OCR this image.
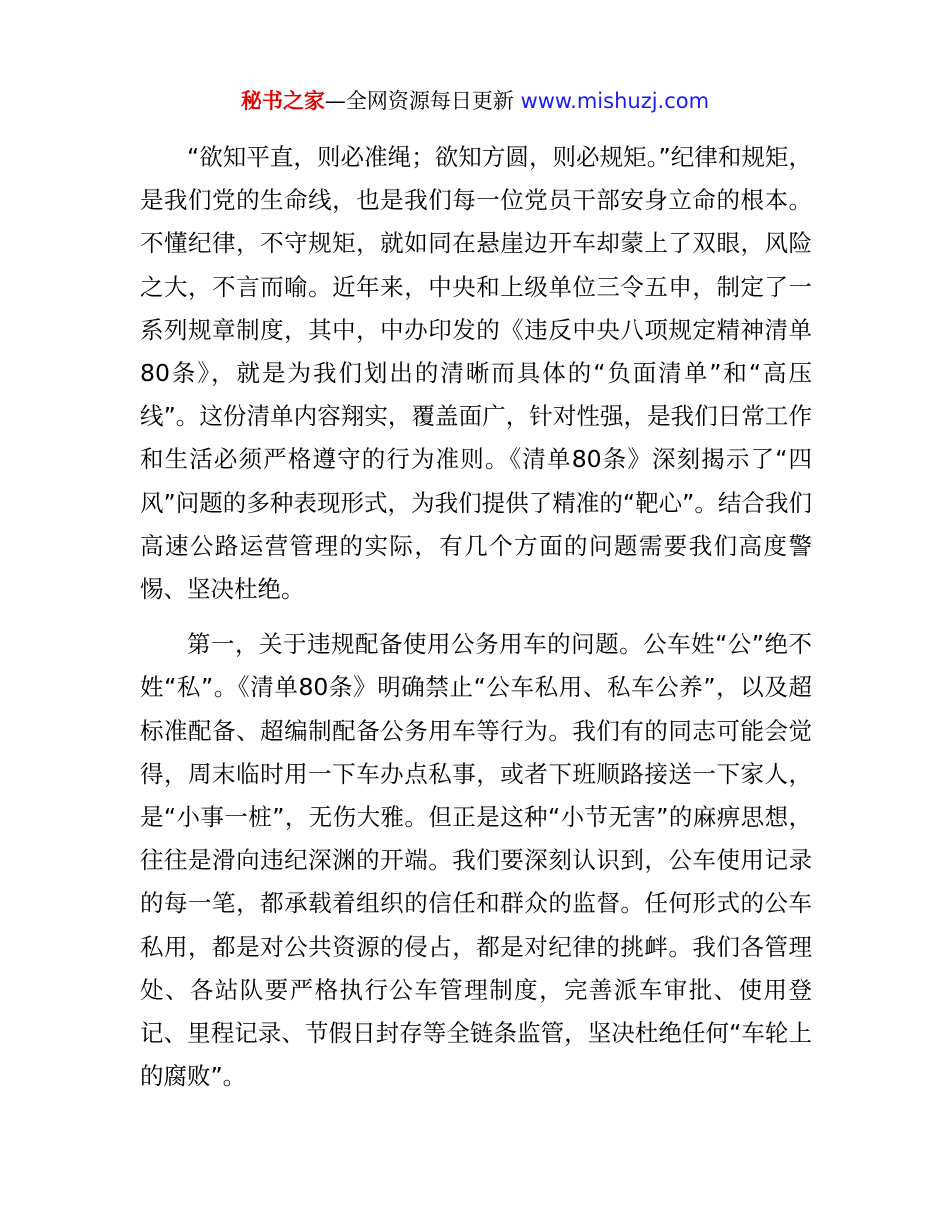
秘书之家—全网资源每日更新 www.mishuzj.com

“欲知平直，则必准绳；欲知方圆，则必规矩。”纪律和规矩，是我们党的生命线，也是我们每一位党员干部安身立命的根本。不懂纪律，不守规矩，就如同在悬崖边开车却蒙上了双眼，风险之大，不言而喻。近年来，中央和上级单位三令五申，制定了一系列规章制度，其中，中办印发的《违反中央八项规定精神清单80条》，就是为我们划出的清晰而具体的“负面清单”和“高压线”。这份清单内容翔实，覆盖面广，针对性强，是我们日常工作和生活必须严格遵守的行为准则。《清单80条》深刻揭示了“四风”问题的多种表现形式，为我们提供了精准的“靶心”。结合我们高速公路运营管理的实际，有几个方面的问题需要我们高度警惕、坚决杜绝。

第一，关于违规配备使用公务用车的问题。公车姓“公”绝不姓“私”。《清单80条》明确禁止“公车私用、私车公养”，以及超标准配备、超编制配备公务用车等行为。我们有的同志可能会觉得，周末临时用一下车办点私事，或者下班顺路接送一下家人，是“小事一桩”，无伤大雅。但正是这种“小节无害”的麻痹思想，往往是滑向违纪深渊的开端。我们要深刻认识到，公车使用记录的每一笔，都承载着组织的信任和群众的监督。任何形式的公车私用，都是对公共资源的侵占，都是对纪律的挑衅。我们各管理处、各站队要严格执行公车管理制度，完善派车审批、使用登记、里程记录、节假日封存等全链条监管，坚决杜绝任何“车轮上的腐败”。
